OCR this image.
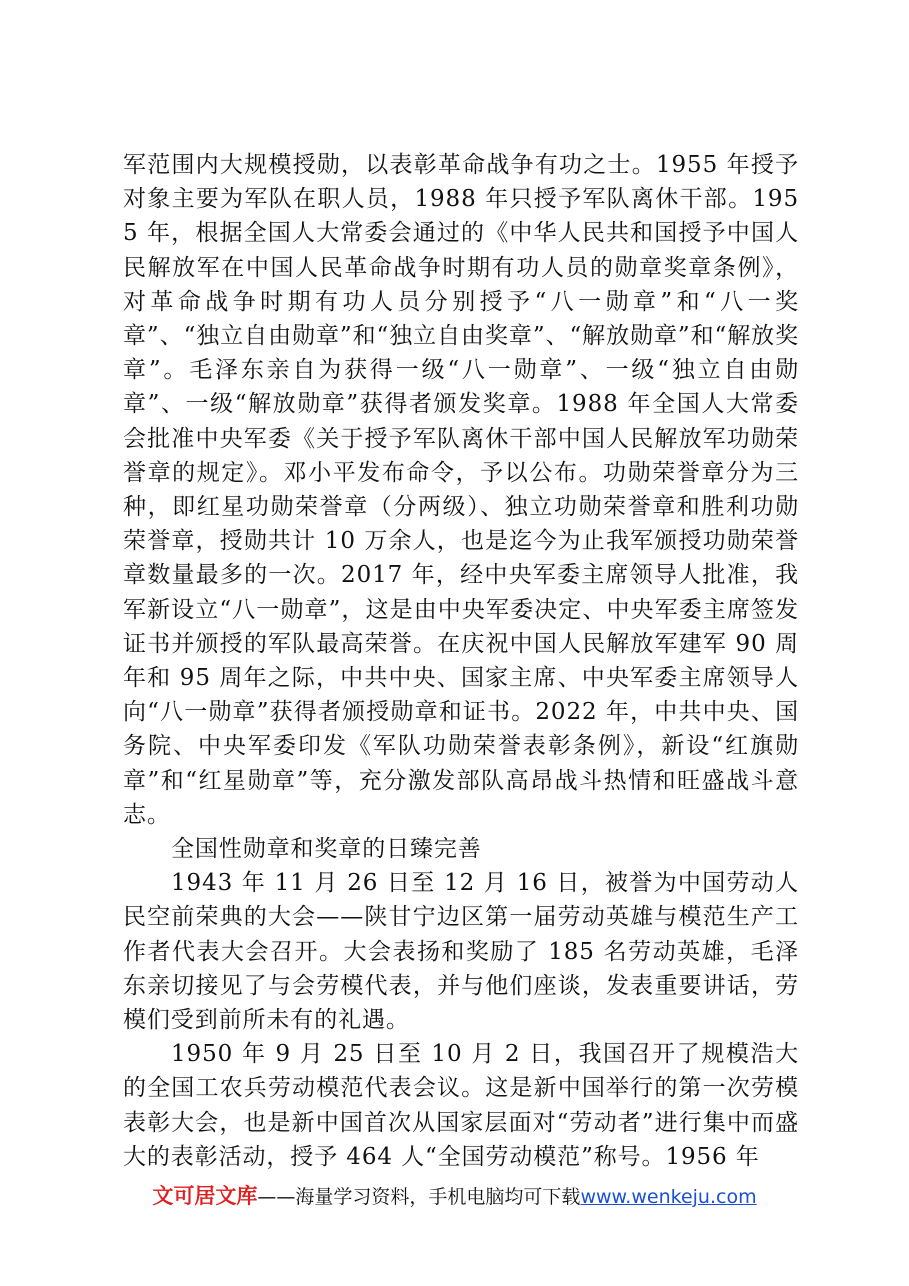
军范围内大规模授勋，以表彰革命战争有功之士。1955 年授予对象主要为军队在职人员，1988 年只授予军队离休干部。1955 年，根据全国人大常委会通过的《中华人民共和国授予中国人民解放军在中国人民革命战争时期有功人员的勋章奖章条例》，对革命战争时期有功人员分别授予“八一勋章”和“八一奖章”、“独立自由勋章”和“独立自由奖章”、“解放勋章”和“解放奖章”。毛泽东亲自为获得一级“八一勋章”、一级“独立自由勋章”、一级“解放勋章”获得者颁发奖章。1988 年全国人大常委会批准中央军委《关于授予军队离休干部中国人民解放军功勋荣誉章的规定》。邓小平发布命令，予以公布。功勋荣誉章分为三种，即红星功勋荣誉章（分两级）、独立功勋荣誉章和胜利功勋荣誉章，授勋共计 10 万余人，也是迄今为止我军颁授功勋荣誉章数量最多的一次。2017 年，经中央军委主席领导人批准，我军新设立“八一勋章”，这是由中央军委决定、中央军委主席签发证书并颁授的军队最高荣誉。在庆祝中国人民解放军建军 90 周年和 95 周年之际，中共中央、国家主席、中央军委主席领导人向“八一勋章”获得者颁授勋章和证书。2022 年，中共中央、国务院、中央军委印发《军队功勋荣誉表彰条例》，新设“红旗勋章”和“红星勋章”等，充分激发部队高昂战斗热情和旺盛战斗意志。

全国性勋章和奖章的日臻完善

1943 年 11 月 26 日至 12 月 16 日，被誉为中国劳动人民空前荣典的大会——陕甘宁边区第一届劳动英雄与模范生产工作者代表大会召开。大会表扬和奖励了 185 名劳动英雄，毛泽东亲切接见了与会劳模代表，并与他们座谈，发表重要讲话，劳模们受到前所未有的礼遇。

1950 年 9 月 25 日至 10 月 2 日，我国召开了规模浩大的全国工农兵劳动模范代表会议。这是新中国举行的第一次劳模表彰大会，也是新中国首次从国家层面对“劳动者”进行集中而盛大的表彰活动，授予 464 人“全国劳动模范”称号。1956 年

文可居文库——海量学习资料，手机电脑均可下载www.wenkeju.com
